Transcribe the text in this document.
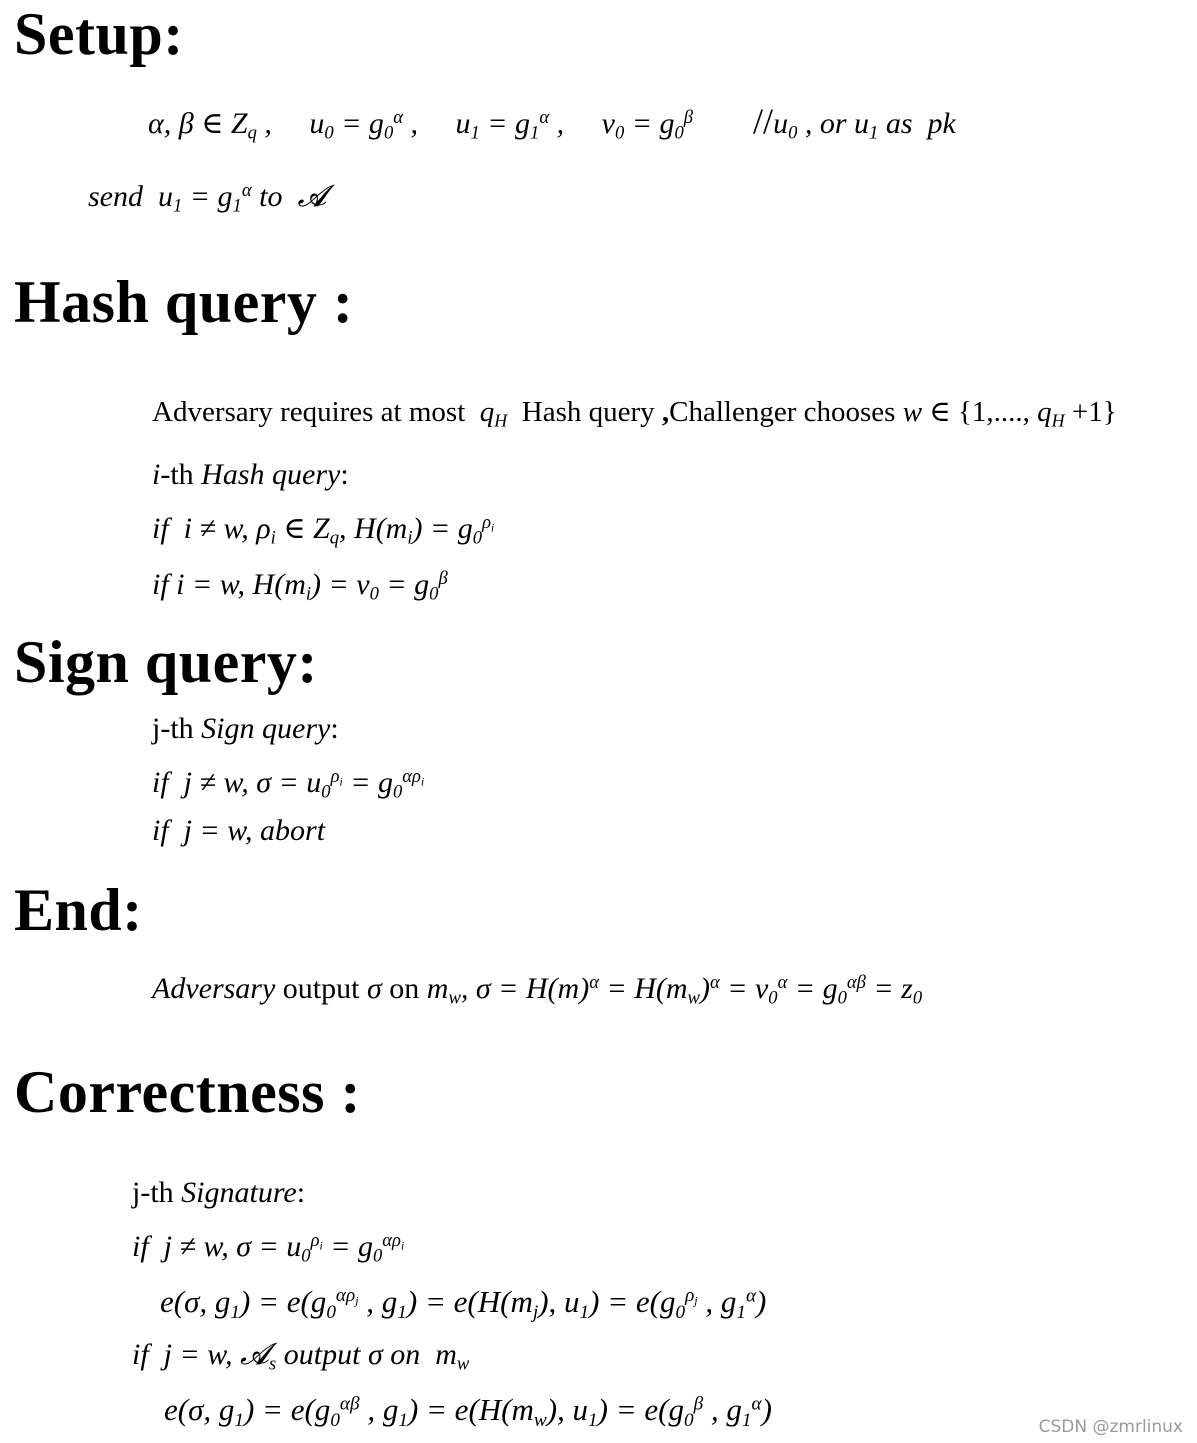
Setup:
α, β ∈ $Z_q$ ,     $u_0 = g_0^\alpha$ ,     $u_1 = g_1^\alpha$ ,     $v_0 = g_0^\beta$ $//u_0$ , or $u_1$ as pk
send  $u_1 = g_1^\alpha$ to 𝓐
Hash query :
Adversary requires at most $q_H$ Hash query ,Challenger chooses w ∈ {1,...., $q_H +1$}
i-th Hash query:
if  i ≠ w, $\rho_i$ ∈ $Z_q$, $H(m_i) = g_0^{\rho_i}$
if i = w, $H(m_i) = v_0 = g_0^\beta$
Sign query:
j-th Sign query:
if  j ≠ w, $\sigma = u_0^{\rho_i} = g_0^{\alpha\rho_i}$
if  j = w, abort
End:
Adversary output σ on $m_w$, $\sigma = H(m)^\alpha = H(m_w)^\alpha = v_0^\alpha = g_0^{\alpha\beta} = z_0$
Correctness :
j-th Signature:
if  j ≠ w, $\sigma = u_0^{\rho_i} = g_0^{\alpha\rho_i}$
e(σ, $g_1) = e(g_0^{\alpha\rho_j}$ , $g_1) = e(H(m_j)$, $u_1) = e(g_0^{\rho_j}$ , $g_1^\alpha$)
if  j = w, 𝓐$_s$ output σ on  $m_w$
e(σ, $g_1) = e(g_0^{\alpha\beta}$ , $g_1) = e(H(m_w)$, $u_1) = e(g_0^\beta$ , $g_1^\alpha$)	CSDN @zmrlinux
